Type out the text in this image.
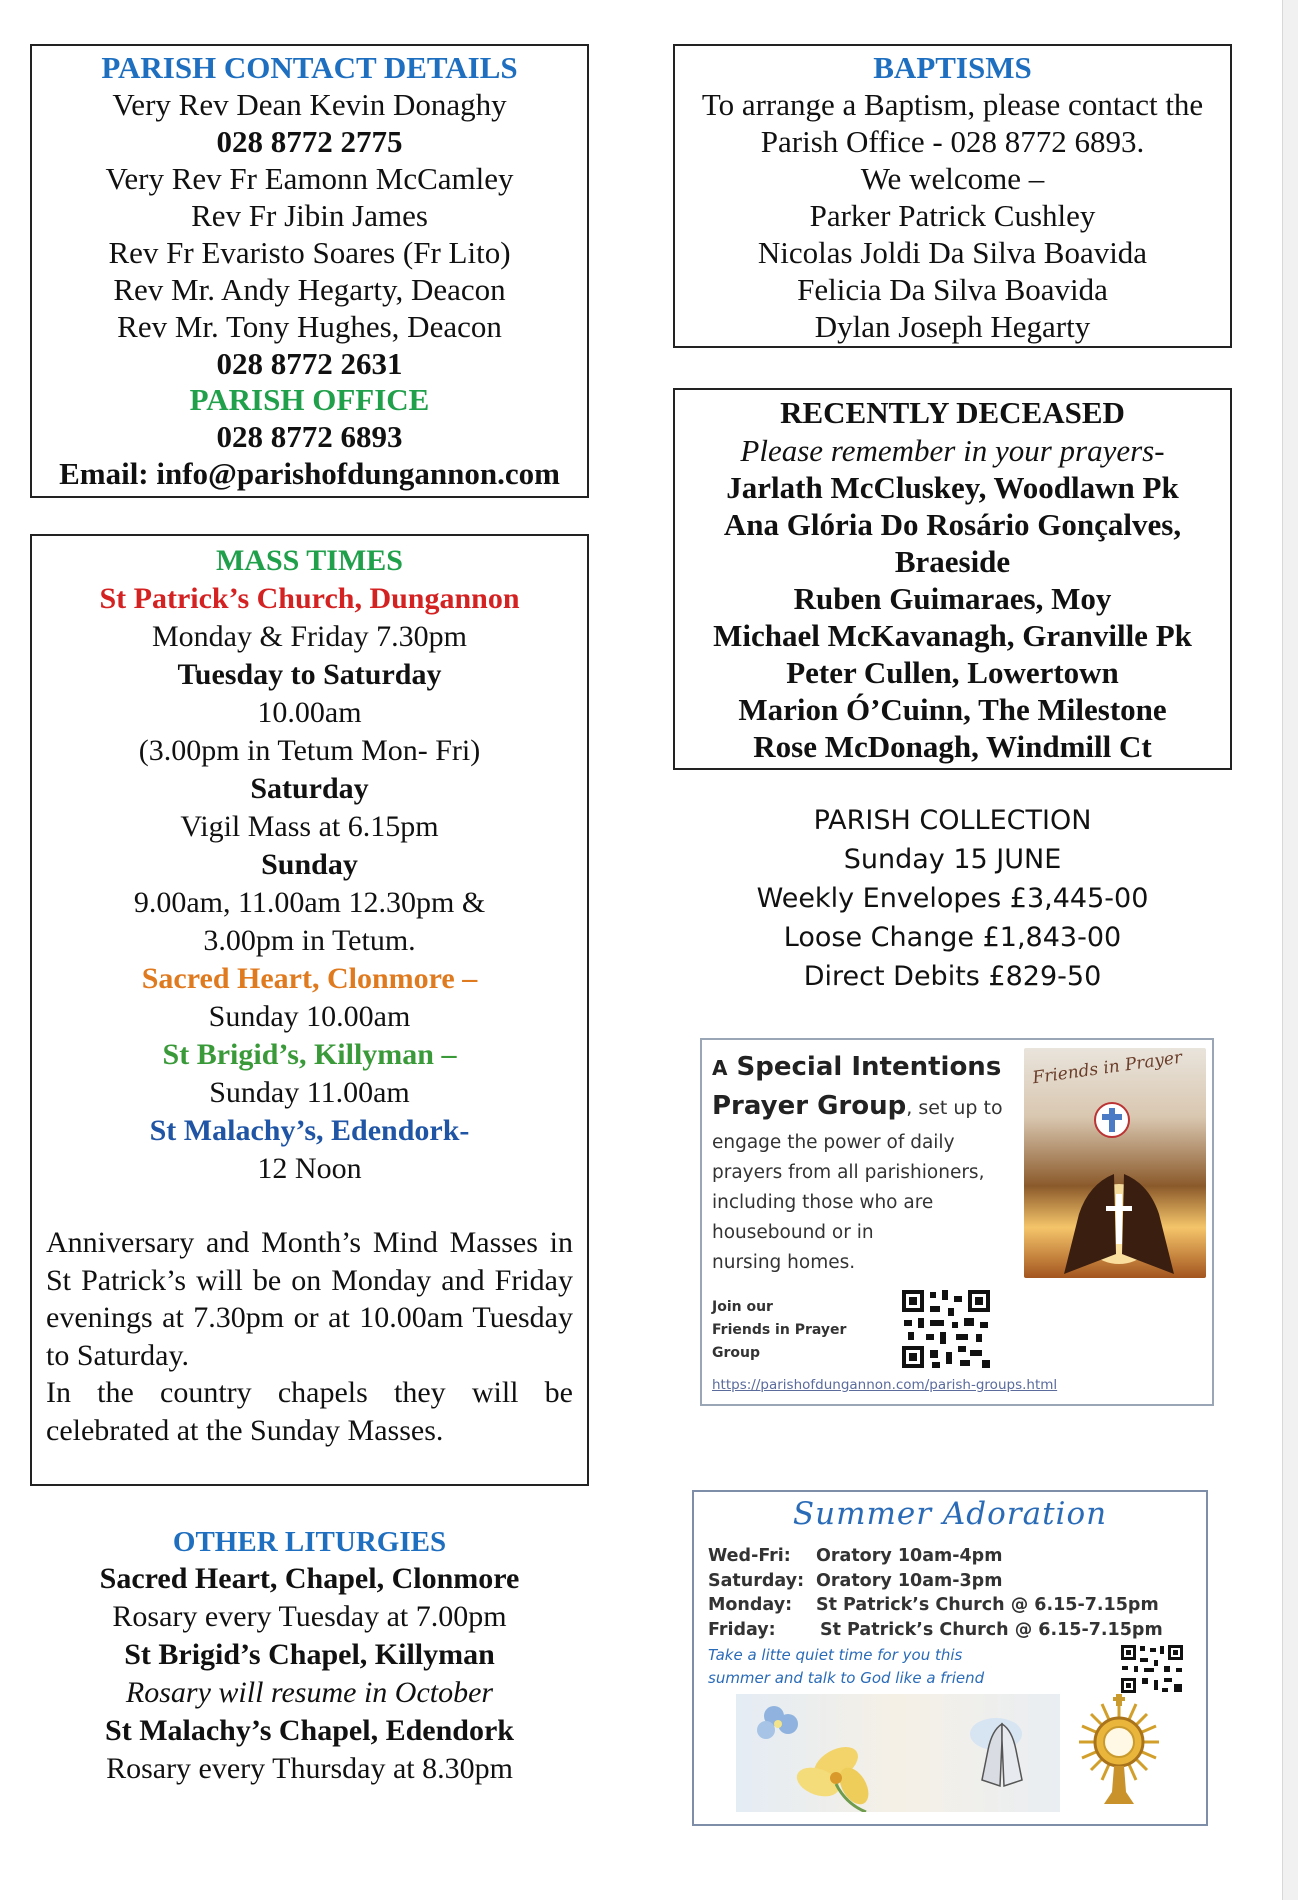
PARISH CONTACT DETAILS
Very Rev Dean Kevin Donaghy
028 8772 2775
Very Rev Fr Eamonn McCamley
Rev Fr Jibin James
Rev Fr Evaristo Soares (Fr Lito)
Rev Mr. Andy Hegarty, Deacon
Rev Mr. Tony Hughes, Deacon
028 8772 2631
PARISH OFFICE
028 8772 6893
Email: info@parishofdungannon.com
BAPTISMS
To arrange a Baptism, please contact the
Parish Office - 028 8772 6893.
We welcome –
Parker Patrick Cushley
Nicolas Joldi Da Silva Boavida
Felicia Da Silva Boavida
Dylan Joseph Hegarty
RECENTLY DECEASED
Please remember in your prayers-
Jarlath McCluskey, Woodlawn Pk
Ana Glória Do Rosário Gonçalves,
Braeside
Ruben Guimaraes, Moy
Michael McKavanagh, Granville Pk
Peter Cullen, Lowertown
Marion Ó’Cuinn, The Milestone
Rose McDonagh, Windmill Ct
MASS TIMES
St Patrick’s Church, Dungannon
Monday & Friday 7.30pm
Tuesday to Saturday
10.00am
(3.00pm in Tetum Mon- Fri)
Saturday
Vigil Mass at 6.15pm
Sunday
9.00am, 11.00am 12.30pm &
3.00pm in Tetum.
Sacred Heart, Clonmore –
Sunday 10.00am
St Brigid’s, Killyman –
Sunday 11.00am
St Malachy’s, Edendork-
12 Noon
Anniversary and Month’s Mind Masses in St Patrick’s will be on Monday and Friday evenings at 7.30pm or at 10.00am Tuesday to Saturday.
In the country chapels they will be celebrated at the Sunday Masses.
PARISH COLLECTION
Sunday 15 JUNE
Weekly Envelopes £3,445-00
Loose Change £1,843-00
Direct Debits £829-50
A Special Intentions
Prayer Group, set up to
engage the power of daily
prayers from all parishioners,
including those who are
housebound or in
nursing homes.
Join our
Friends in Prayer
Group
https://parishofdungannon.com/parish-groups.html
Friends in Prayer
OTHER LITURGIES
Sacred Heart, Chapel, Clonmore
Rosary every Tuesday at 7.00pm
St Brigid’s Chapel, Killyman
Rosary will resume in October
St Malachy’s Chapel, Edendork
Rosary every Thursday at 8.30pm
Summer Adoration
Wed-Fri: Oratory 10am-4pm
Saturday: Oratory 10am-3pm
Monday: St Patrick’s Church @ 6.15-7.15pm
Friday:	St Patrick’s Church @ 6.15-7.15pm
Take a litte quiet time for you this
summer and talk to God like a friend
